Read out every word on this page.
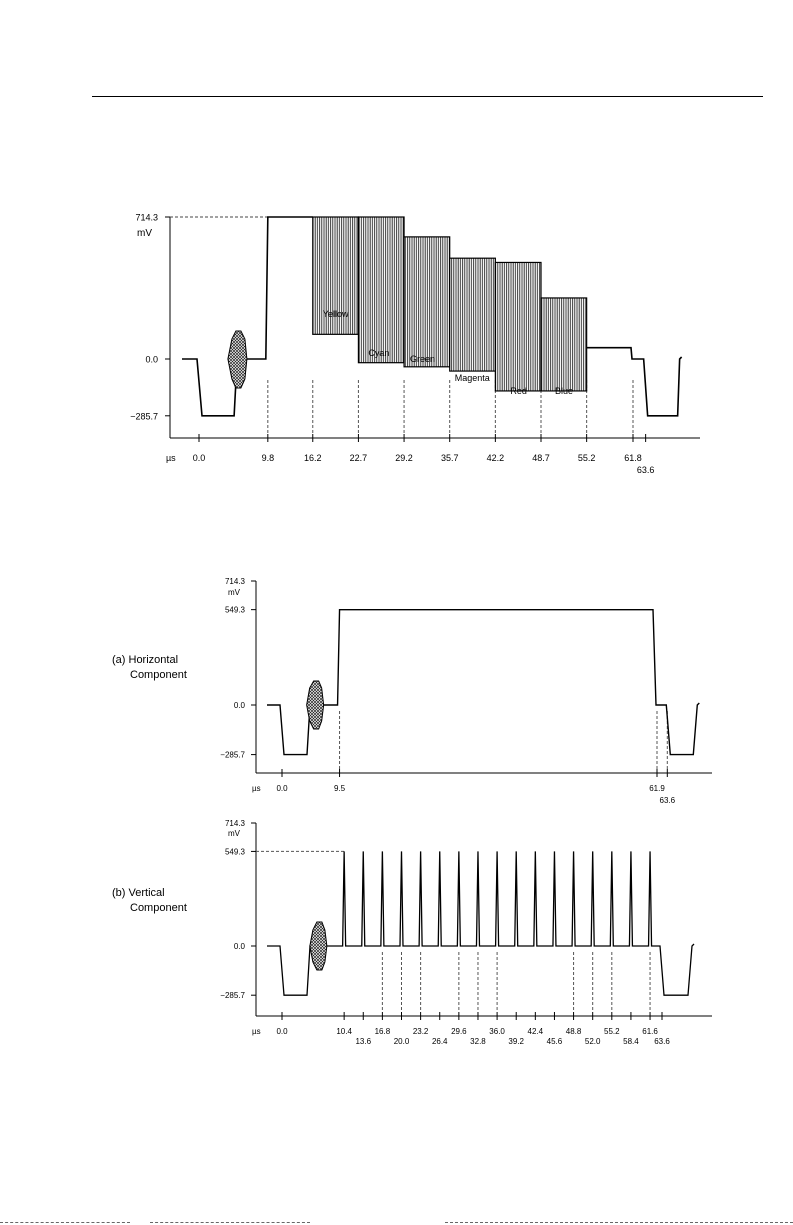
714.3
0.0
−285.7
mV
0.0	9.8	16.2	22.7	29.2	35.7	42.2	48.7	55.2	61.8
63.6
µs
Yellow
Cyan
Green
Magenta
Red	Blue
(a) Horizontal
Component
714.3
549.3
0.0
−285.7
mV
0.0	9.5	61.9
63.6
µs
(b) Vertical
Component
714.3
549.3
0.0
−285.7
mV
0.0	10.4	16.8	23.2	29.6	36.0	42.4	48.8	55.2	61.6
13.6	20.0	26.4	32.8	39.2	45.6	52.0	58.4 63.6
µs
